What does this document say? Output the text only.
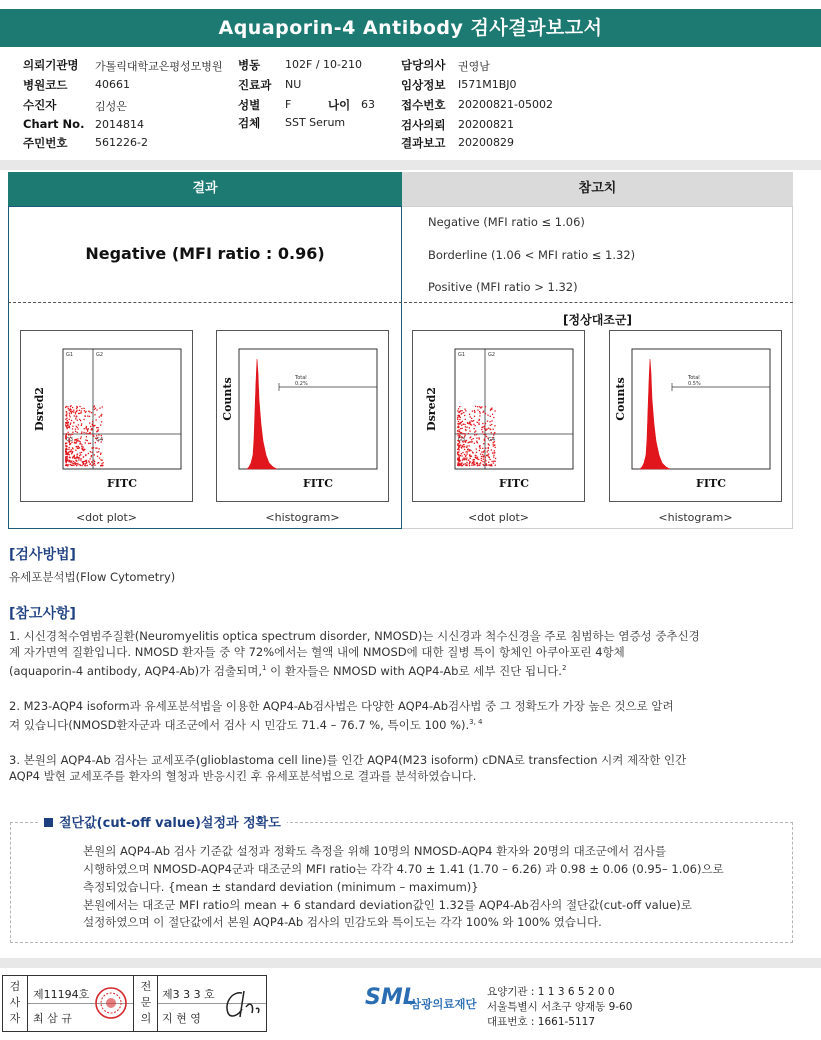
Aquaporin-4 Antibody 검사결과보고서
의뢰기관명 가톨릭대학교은평성모병원
병원코드	40661
수진자	김성은
Chart No. 2014814
주민번호	561226-2
병동 102F / 10-210
진료과 NU
성별 F	나이 63
검체 SST Serum
담당의사 권영남
임상정보 I571M1BJ0
접수번호 20200821-05002
검사의뢰 20200821
결과보고 20200829
결과	참고치
Negative (MFI ratio : 0.96)
Negative (MFI ratio ≤ 1.06)
Borderline (1.06 < MFI ratio ≤ 1.32)
Positive (MFI ratio > 1.32)
[정상대조군]
G1	G2
G3	G4
FITC
Dsred2
Total
0.2%
FITC
Counts
G1	G2
G3	G4
FITC
Dsred2
Total
0.5%
FITC
Counts
<dot plot>	<histogram>	<dot plot>	<histogram>
[검사방법]
유세포분석법(Flow Cytometry)
[참고사항]
1. 시신경척수염범주질환(Neuromyelitis optica spectrum disorder, NMOSD)는 시신경과 척수신경을 주로 침범하는 염증성 중추신경
계 자가면역 질환입니다. NMOSD 환자들 중 약 72%에서는 혈액 내에 NMOSD에 대한 질병 특이 항체인 아쿠아포린 4항체
(aquaporin-4 antibody, AQP4-Ab)가 검출되며,$^1$ 이 환자들은 NMOSD with AQP4-Ab로 세부 진단 됩니다.$^2$
2. M23-AQP4 isoform과 유세포분석법을 이용한 AQP4-Ab검사법은 다양한 AQP4-Ab검사법 중 그 정확도가 가장 높은 것으로 알려
져 있습니다(NMOSD환자군과 대조군에서 검사 시 민감도 71.4 – 76.7 %, 특이도 100 %).$^{3, 4}$
3. 본원의 AQP4-Ab 검사는 교세포주(glioblastoma cell line)를 인간 AQP4(M23 isoform) cDNA로 transfection 시켜 제작한 인간
AQP4 발현 교세포주를 환자의 혈청과 반응시킨 후 유세포분석법으로 결과를 분석하였습니다.
절단값(cut-off value)설정과 정확도
본원의 AQP4-Ab 검사 기준값 설정과 정확도 측정을 위해 10명의 NMOSD-AQP4 환자와 20명의 대조군에서 검사를
시행하였으며 NMOSD-AQP4군과 대조군의 MFI ratio는 각각 4.70 ± 1.41 (1.70 – 6.26) 과 0.98 ± 0.06 (0.95– 1.06)으로
측정되었습니다. {mean ± standard deviation (minimum – maximum)}
본원에서는 대조군 MFI ratio의 mean + 6 standard deviation값인 1.32를 AQP4-Ab검사의 절단값(cut-off value)로
설정하였으며 이 절단값에서 본원 AQP4-Ab 검사의 민감도와 특이도는 각각 100% 와 100% 였습니다.
검사자
제11194호
최 삼 규
전문의
제3 3 3 호
지 현 영
SML
삼광의료재단
요양기관 : 1 1 3 6 5 2 0 0
서울특별시 서초구 양재동 9-60
대표번호 : 1661-5117
